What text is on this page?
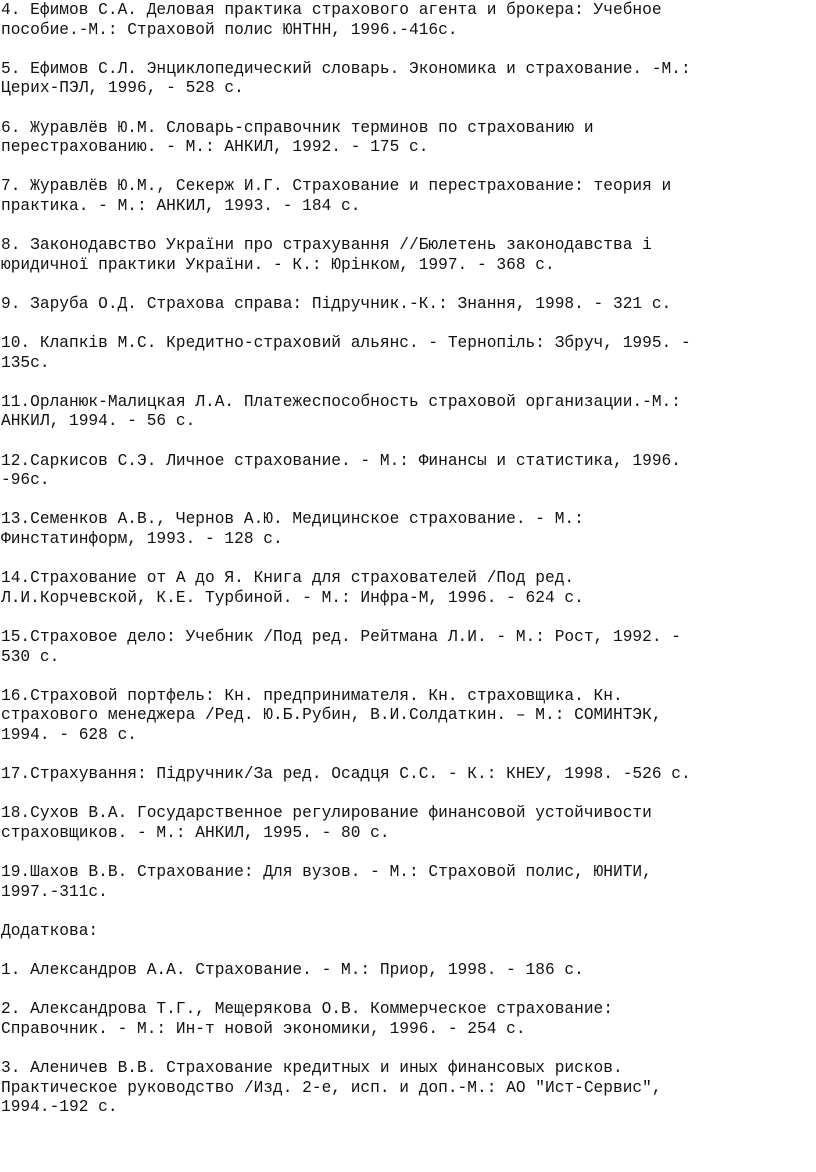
4. Ефимов С.А. Деловая практика страхового агента и брокера: Учебное
пособие.-М.: Страховой полис ЮНТНН, 1996.-416с.

5. Ефимов С.Л. Энциклопедический словарь. Экономика и страхование. -М.:
Церих-ПЭЛ, 1996, - 528 с.

6. Журавлёв Ю.М. Словарь-справочник терминов по страхованию и
перестрахованию. - М.: АНКИЛ, 1992. - 175 с.

7. Журавлёв Ю.М., Секерж И.Г. Страхование и перестрахование: теория и
практика. - М.: АНКИЛ, 1993. - 184 с.

8. Законодавство України про страхування //Бюлетень законодавства і
юридичної практики України. - К.: Юрінком, 1997. - 368 с.

9. Заруба О.Д. Страхова справа: Підручник.-К.: Знання, 1998. - 321 с.

10. Клапків М.С. Кредитно-страховий альянс. - Тернопіль: Збруч, 1995. -
135с.

11.Орланюк-Малицкая Л.А. Платежеспособность страховой организации.-М.:
АНКИЛ, 1994. - 56 с.

12.Саркисов С.Э. Личное страхование. - М.: Финансы и статистика, 1996.
-96с.

13.Семенков А.В., Чернов А.Ю. Медицинское страхование. - М.:
Финстатинформ, 1993. - 128 с.

14.Страхование от А до Я. Книга для страхователей /Под ред.
Л.И.Корчевской, К.Е. Турбиной. - М.: Инфра-М, 1996. - 624 с.

15.Страховое дело: Учебник /Под ред. Рейтмана Л.И. - М.: Рост, 1992. -
530 с.

16.Страховой портфель: Кн. предпринимателя. Кн. страховщика. Кн.
страхового менеджера /Ред. Ю.Б.Рубин, В.И.Солдаткин. – М.: СОМИНТЭК,
1994. - 628 с.

17.Страхування: Підручник/За ред. Осадця С.С. - К.: КНЕУ, 1998. -526 с.

18.Сухов В.А. Государственное регулирование финансовой устойчивости
страховщиков. - М.: АНКИЛ, 1995. - 80 с.

19.Шахов В.В. Страхование: Для вузов. - М.: Страховой полис, ЮНИТИ,
1997.-311с.

Додаткова:

1. Александров А.А. Страхование. - М.: Приор, 1998. - 186 с.

2. Александрова Т.Г., Мещерякова О.В. Коммерческое страхование:
Справочник. - М.: Ин-т новой экономики, 1996. - 254 с.

3. Аленичев В.В. Страхование кредитных и иных финансовых рисков.
Практическое руководство /Изд. 2-е, исп. и доп.-М.: АО "Ист-Сервис",
1994.-192 с.
